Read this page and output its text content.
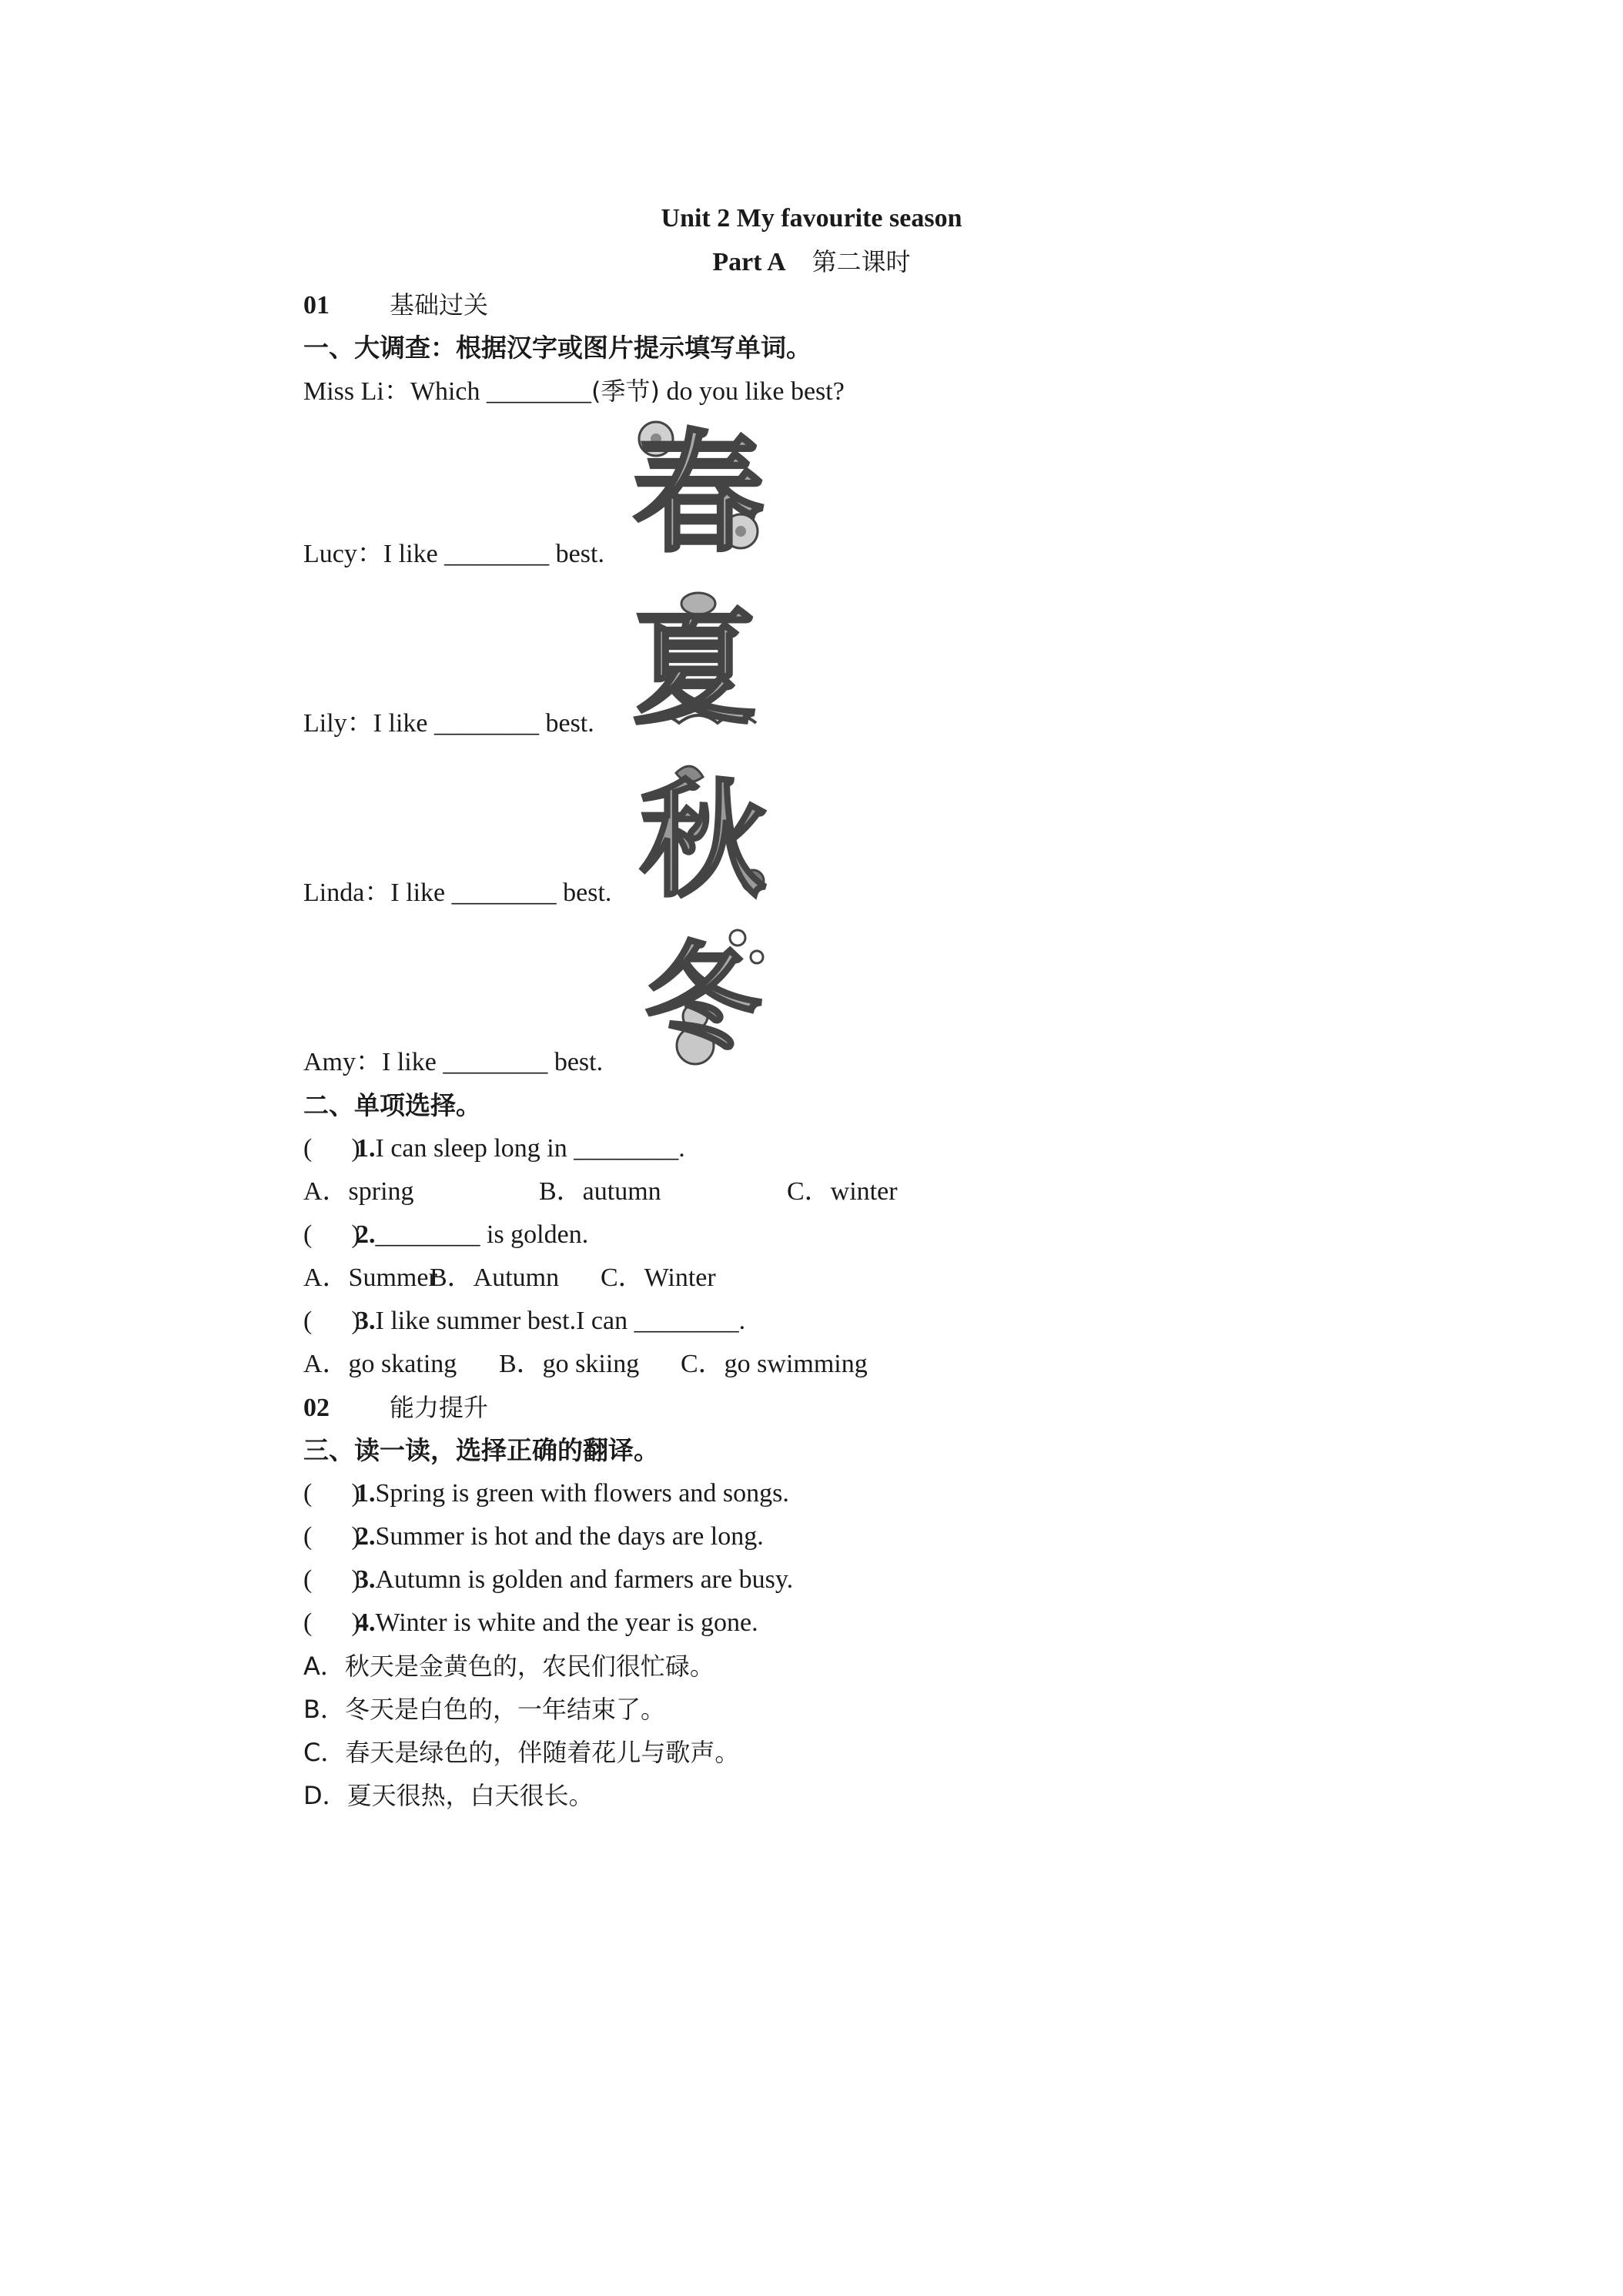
Unit 2 My favourite season
Part A 第二课时
01 基础过关
一、大调查：根据汉字或图片提示填写单词。
Miss Li：Which ________(季节) do you like best?
Lucy：I like ________ best.
Lily：I like ________ best.
Linda：I like ________ best.
Amy：I like ________ best.
春
夏
秋
冬
二、单项选择。
(      )1.I can sleep long in ________.
A．spring	B．autumn	C．winter
(      )2.________ is golden.
A．SummerB．Autumn C．Winter
(      )3.I like summer best.I can ________.
A．go skating B．go skiing C．go swimming
02 能力提升
三、读一读，选择正确的翻译。
(      )1.Spring is green with flowers and songs.
(      )2.Summer is hot and the days are long.
(      )3.Autumn is golden and farmers are busy.
(      )4.Winter is white and the year is gone.
A．秋天是金黄色的，农民们很忙碌。
B．冬天是白色的，一年结束了。
C．春天是绿色的，伴随着花儿与歌声。
D．夏天很热，白天很长。
